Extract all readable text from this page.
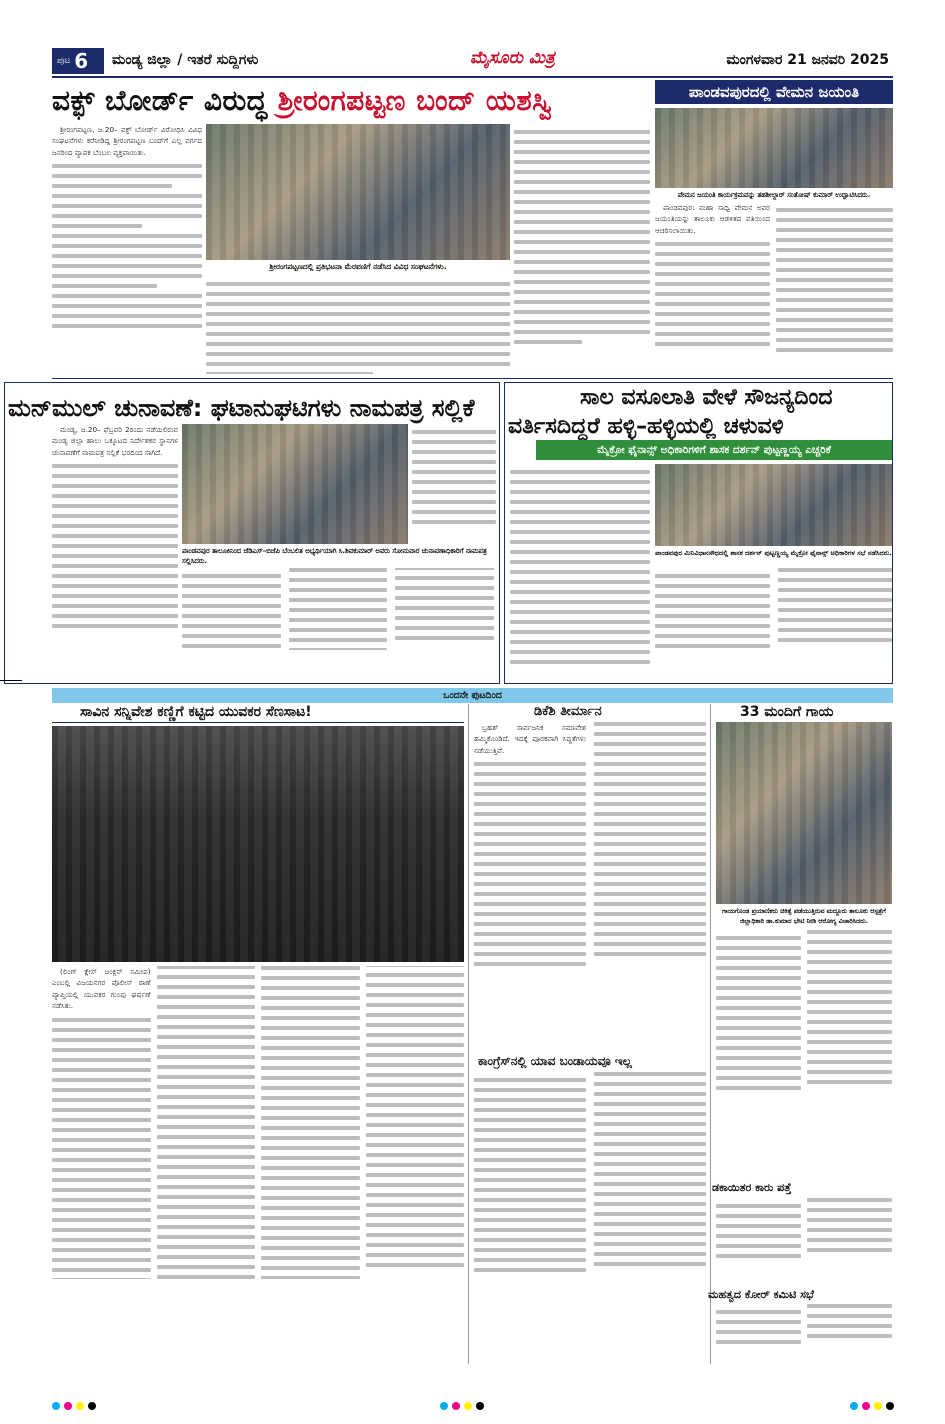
ಪುಟ 6 ಮಂಡ್ಯ ಜಿಲ್ಲಾ / ಇತರೆ ಸುದ್ದಿಗಳು	ಮೈಸೂರು ಮಿತ್ರ	ಮಂಗಳವಾರ 21 ಜನವರಿ 2025
ವಕ್ಫ್ ಬೋರ್ಡ್ ವಿರುದ್ಧ ಶ್ರೀರಂಗಪಟ್ಟಣ ಬಂದ್ ಯಶಸ್ವಿ

ಶ್ರೀರಂಗಪಟ್ಟಣ, ಜ.20– ವಕ್ಫ್ ಬೋರ್ಡ್ ವಿರೋಧಿಸಿ ವಿವಿಧ ಸಂಘಟನೆಗಳು ಕರೆನೀಡಿದ್ದ ಶ್ರೀರಂಗಪಟ್ಟಣ ಬಂದ್‌ಗೆ ಎಲ್ಲ ವರ್ಗದ ಜನರಿಂದ ವ್ಯಾಪಕ ಬೆಂಬಲ ವ್ಯಕ್ತವಾಯಿತು.

ಶ್ರೀರಂಗಪಟ್ಟಣದಲ್ಲಿ ಪ್ರತಿಭಟನಾ ಮೆರವಣಿಗೆ ನಡೆಸಿದ ವಿವಿಧ ಸಂಘಟನೆಗಳು.
ಪಾಂಡವಪುರದಲ್ಲಿ ವೇಮನ ಜಯಂತಿ
ವೇಮನ ಜಯಂತಿ ಕಾರ್ಯಕ್ರಮವನ್ನು ತಹಶೀಲ್ದಾರ್ ಸಂತೋಷ್ ಕುಮಾರ್ ಉದ್ಘಾಟಿಸಿದರು.

ಪಾಂಡವಪುರ: ಮಹಾ ಸಾಧ್ವಿ ವೇಮನ ಅವರ ಜಯಂತಿಯನ್ನು ತಾಲೂಕು ಆಡಳಿತದ ವತಿಯಿಂದ ಆಚರಿಸಲಾಯಿತು.

ಮನ್‌ಮುಲ್ ಚುನಾವಣೆ: ಘಟಾನುಘಟಿಗಳು ನಾಮಪತ್ರ ಸಲ್ಲಿಕೆ

ಮಂಡ್ಯ, ಜ.20– ಫೆಬ್ರವರಿ 2ರಂದು ನಡೆಯಲಿರುವ ಮಂಡ್ಯ ಜಿಲ್ಲಾ ಹಾಲು ಒಕ್ಕೂಟದ ನಿರ್ದೇಶಕರ ಸ್ಥಾನಗಳ ಚುನಾವಣೆಗೆ ನಾಮಪತ್ರ ಸಲ್ಲಿಕೆ ಭರದಿಂದ ಸಾಗಿದೆ.

ಪಾಂಡವಪುರ ತಾಲೂಕಿನಿಂದ ಜೆಡಿಎಸ್–ಬಿಜೆಪಿ ಬೆಂಬಲಿತ ಅಭ್ಯರ್ಥಿಯಾಗಿ ಸಿ.ಶಿವಕುಮಾರ್ ಅವರು ಸೋಮವಾರ ಚುನಾವಣಾಧಿಕಾರಿಗೆ ನಾಮಪತ್ರ ಸಲ್ಲಿಸಿದರು.
ಸಾಲ ವಸೂಲಾತಿ ವೇಳೆ ಸೌಜನ್ಯದಿಂದ
ವರ್ತಿಸದಿದ್ದರೆ ಹಳ್ಳಿ–ಹಳ್ಳಿಯಲ್ಲಿ ಚಳುವಳಿ
ಮೈಕ್ರೋ ಫೈನಾನ್ಸ್ ಅಧಿಕಾರಿಗಳಿಗೆ ಶಾಸಕ ದರ್ಶನ್ ಪುಟ್ಟಣ್ಣಯ್ಯ ಎಚ್ಚರಿಕೆ
ಪಾಂಡವಪುರ ಮಿನಿವಿಧಾನಸೌಧದಲ್ಲಿ ಶಾಸಕ ದರ್ಶನ್ ಪುಟ್ಟಣ್ಣಯ್ಯ ಮೈಕ್ರೋ ಫೈನಾನ್ಸ್ ಅಧಿಕಾರಿಗಳ ಸಭೆ ನಡೆಸಿದರು.
ಒಂದನೇ ಪುಟದಿಂದ
ಸಾವಿನ ಸನ್ನಿವೇಶ ಕಣ್ಣಿಗೆ ಕಟ್ಟಿದ ಯುವಕರ ಸೆಣಸಾಟ!

(ಲಿಂಗ್ ಕ್ಲೇಸ್ ಜಂಕ್ಷನ್ ಸಮೀಪ) ಎಂಬಲ್ಲಿ ವಿಜಯನಗರ ಪೊಲೀಸ್ ಠಾಣೆ ವ್ಯಾಪ್ತಿಯಲ್ಲಿ ಯುವಕರ ಗುಂಪು ಘರ್ಷಣೆ ನಡೆಸಿತು.

ಡಿಕೆಶಿ ತೀರ್ಮಾನ

ಬ್ರಹತ್ ಸಾರ್ವಜನಿಕ ಸಮಾವೇಶ ಹಮ್ಮಿಕೊಂಡಿದೆ. ಇದಕ್ಕೆ ಪೂರಕವಾಗಿ ಸಿದ್ಧತೆಗಳು ನಡೆಯುತ್ತಿವೆ.

ಕಾಂಗ್ರೆಸ್‌ನಲ್ಲಿ ಯಾವ ಬಂಡಾಯವೂ ಇಲ್ಲ
33 ಮಂದಿಗೆ ಗಾಯ
ಗಾಯಗೊಂಡ ಪ್ರಯಾಣಿಕರು ಚಿಕಿತ್ಸೆ ಪಡೆಯುತ್ತಿರುವ ಮದ್ದೂರು ತಾಲೂಕು ಆಸ್ಪತ್ರೆಗೆ ಜಿಲ್ಲಾಧಿಕಾರಿ ಡಾ.ಕುಮಾರ ಭೇಟಿ ನೀಡಿ ಆರೋಗ್ಯ ವಿಚಾರಿಸಿದರು.
ಡಕಾಯಿತರ ಕಾರು ಪತ್ತೆ
ಮಹತ್ವದ ಕೋರ್ ಕಮಿಟಿ ಸಭೆ
